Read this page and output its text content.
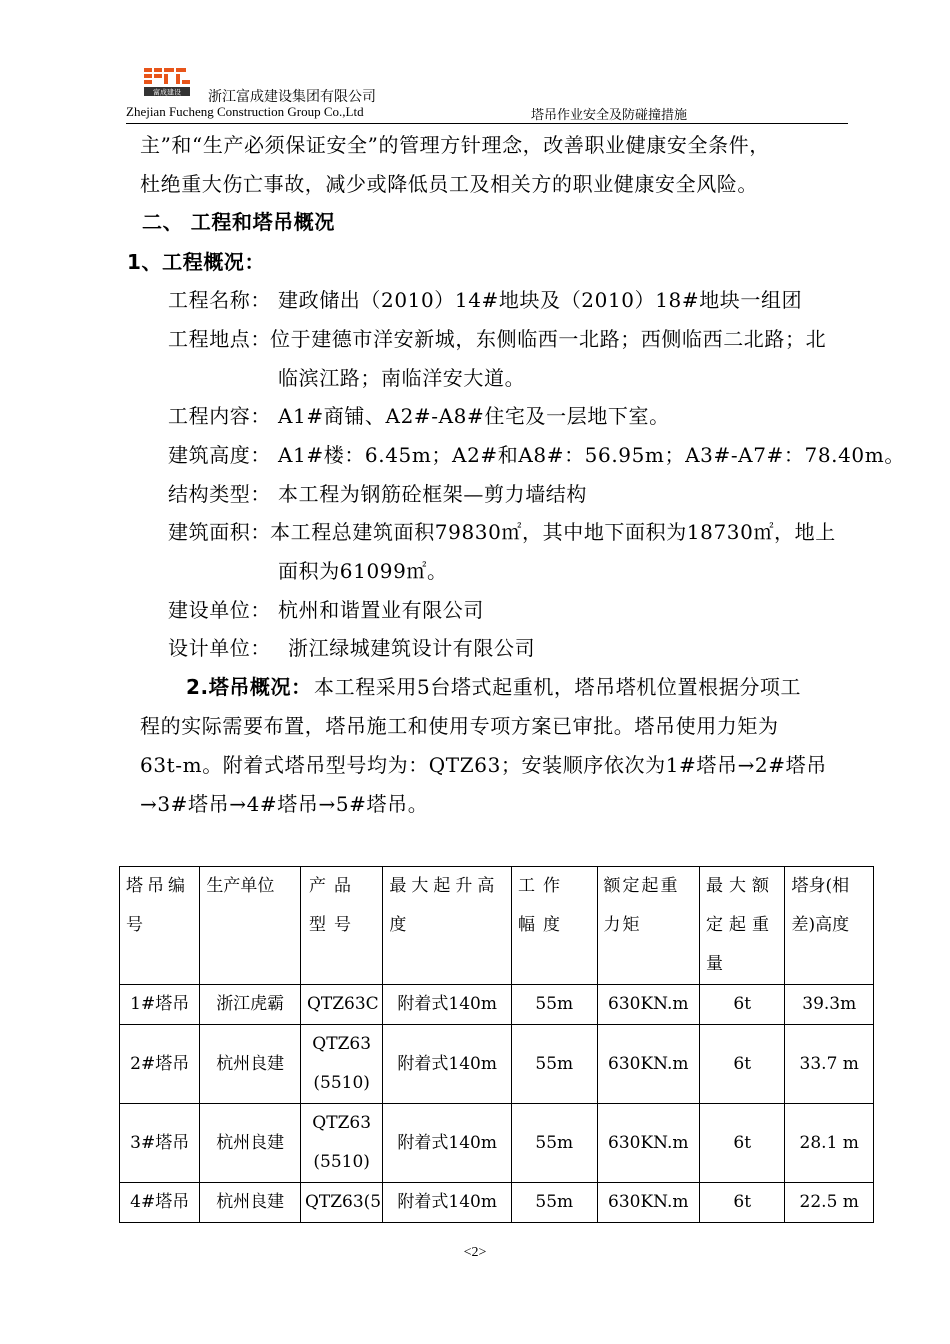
富成建设 浙江富成建设集团有限公司
Zhejian Fucheng Construction Group Co.,Ltd	塔吊作业安全及防碰撞措施
主”和“生产必须保证安全”的管理方针理念，改善职业健康安全条件，
杜绝重大伤亡事故，减少或降低员工及相关方的职业健康安全风险。
二、 工程和塔吊概况
1、工程概况：
工程名称： 建政储出（2010）14#地块及（2010）18#地块一组团
工程地点： 位于建德市洋安新城，东侧临西一北路；西侧临西二北路；北
临滨江路；南临洋安大道。
工程内容： A1#商铺、A2#-A8#住宅及一层地下室。
建筑高度： A1#楼：6.45m；A2#和A8#：56.95m；A3#-A7#：78.40m。
结构类型： 本工程为钢筋砼框架—剪力墙结构
建筑面积： 本工程总建筑面积79830㎡，其中地下面积为18730㎡，地上
面积为61099㎡。
建设单位： 杭州和谐置业有限公司
设计单位： 浙江绿城建筑设计有限公司
2.塔吊概况： 本工程采用5台塔式起重机，塔吊塔机位置根据分项工
程的实际需要布置，塔吊施工和使用专项方案已审批。塔吊使用力矩为
63t-m。附着式塔吊型号均为：QTZ63；安装顺序依次为1#塔吊→2#塔吊
→3#塔吊→4#塔吊→5#塔吊。
塔吊编号	生产单位	产品型号	最大起升高度	工作幅度	额定起重力矩	最大额定起重量	塔身(相差)高度
1#塔吊	浙江虎霸	QTZ63C	附着式140m	55m	630KN.m	6t	39.3m
2#塔吊	杭州良建	QTZ63(5510)	附着式140m	55m	630KN.m	6t	33.7 m
3#塔吊	杭州良建	QTZ63(5510)	附着式140m	55m	630KN.m	6t	28.1 m
4#塔吊	杭州良建	QTZ63(5	附着式140m	55m	630KN.m	6t	22.5 m
<2>
